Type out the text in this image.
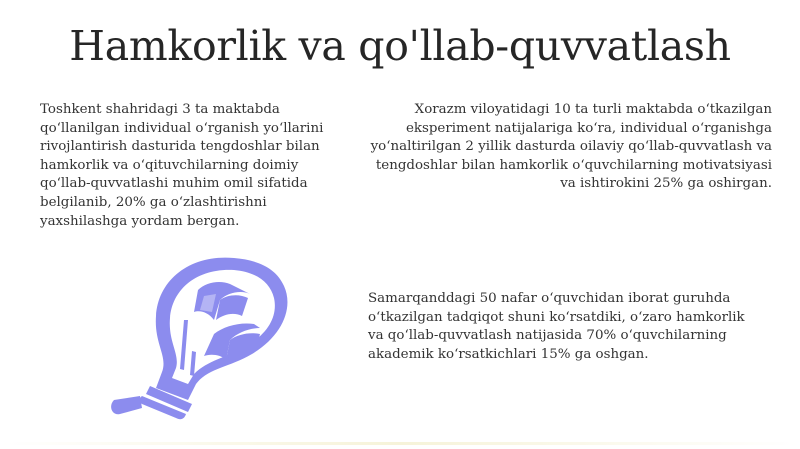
Hamkorlik va qo'llab-quvvatlash

Toshkent shahridagi 3 ta maktabda qoʻllanilgan individual oʻrganish yoʻllarini rivojlantirish dasturida tengdoshlar bilan hamkorlik va oʻqituvchilarning doimiy qoʻllab-quvvatlashi muhim omil sifatida belgilanib, 20% ga oʻzlashtirishni yaxshilashga yordam bergan.

Xorazm viloyatidagi 10 ta turli maktabda oʻtkazilgan eksperiment natijalariga koʻra, individual oʻrganishga yoʻnaltirilgan 2 yillik dasturda oilaviy qoʻllab-quvvatlash va tengdoshlar bilan hamkorlik oʻquvchilarning motivatsiyasi va ishtirokini 25% ga oshirgan.

Samarqanddagi 50 nafar oʻquvchidan iborat guruhda oʻtkazilgan tadqiqot shuni koʻrsatdiki, oʻzaro hamkorlik va qoʻllab-quvvatlash natijasida 70% oʻquvchilarning akademik koʻrsatkichlari 15% ga oshgan.
